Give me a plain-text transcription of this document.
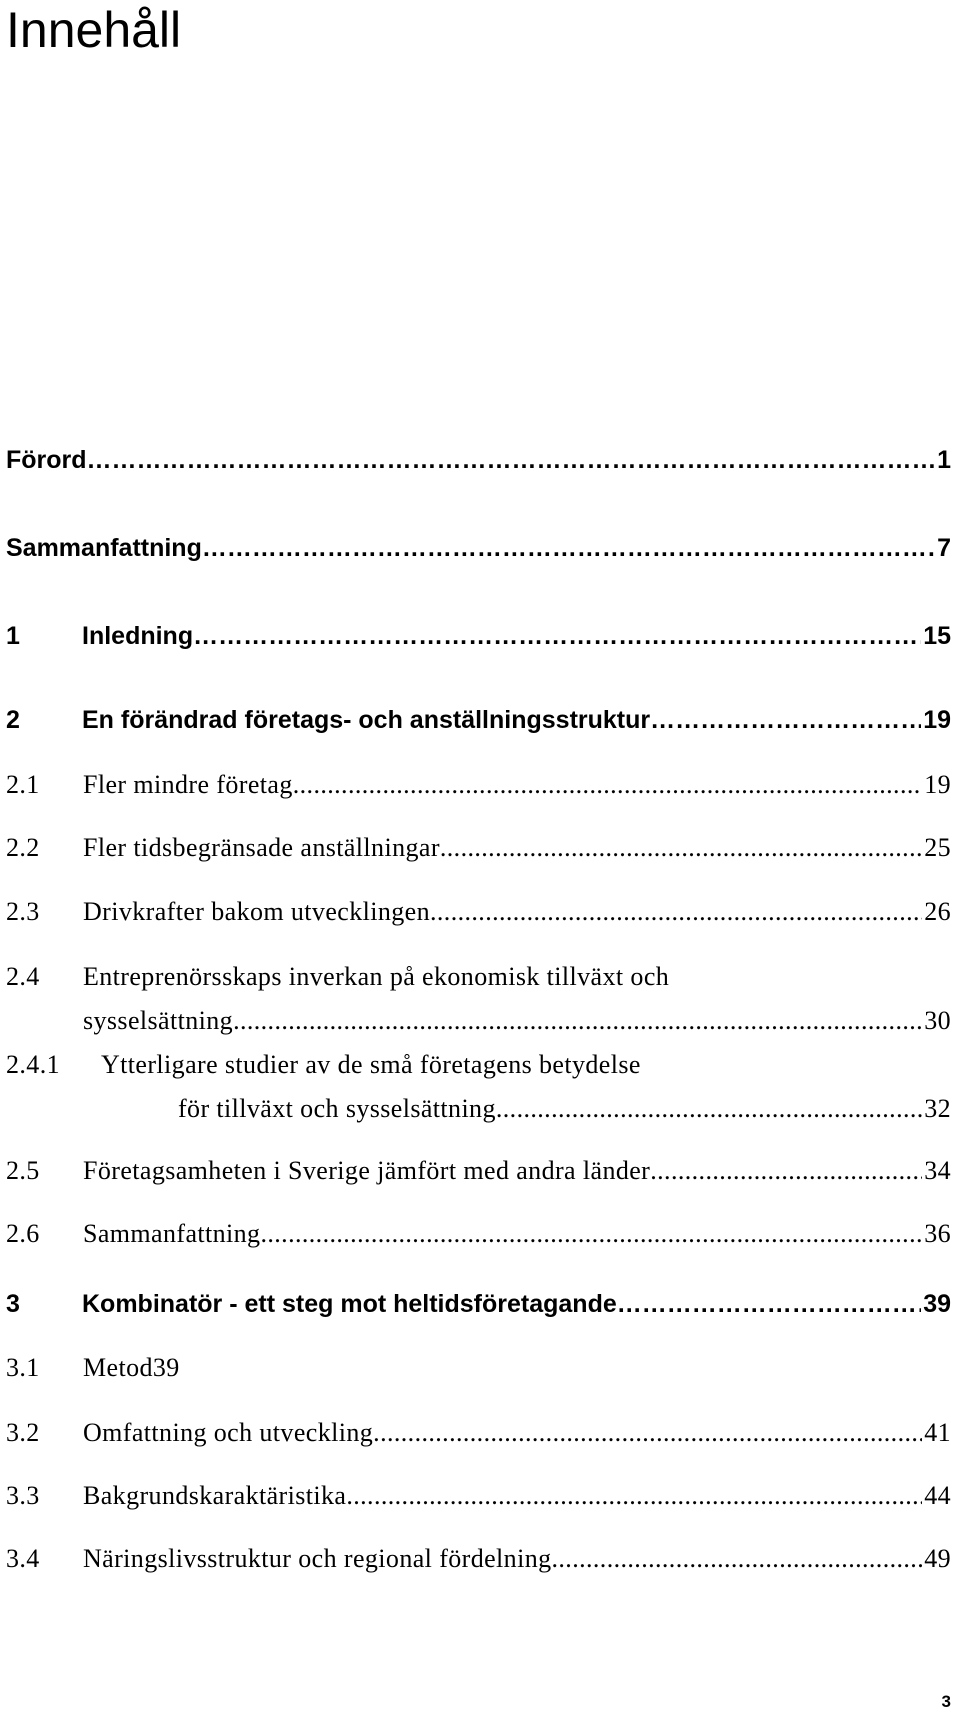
Innehåll
Förord ………………………………………………………………………………………………………………………………………………	1
Sammanfattning ………………………………………………………………………………………………………………………………………………	7
1	Inledning ………………………………………………………………………………………………………………………………………………	15
2	En förändrad företags- och anställningsstruktur ………………………………………………………………………………………………………………………………………………	19
2.1	Fler mindre företag .....	19
2.2	Fler tidsbegränsade anställningar .....	25
2.3	Drivkrafter bakom utvecklingen .....	26
2.4	Entreprenörsskaps inverkan på ekonomisk tillväxt och
sysselsättning .....	30
2.4.1	Ytterligare studier av de små företagens betydelse
för tillväxt och sysselsättning .....	32
2.5	Företagsamheten i Sverige jämfört med andra länder .....	34
2.6	Sammanfattning .....	36
3	Kombinatör - ett steg mot heltidsföretagande ………………………………………………………………………………………………………………………………………………	39
3.1	Metod39
3.2	Omfattning och utveckling .....	41
3.3	Bakgrundskaraktäristika .....	44
3.4	Näringslivsstruktur och regional fördelning .....	49
3
